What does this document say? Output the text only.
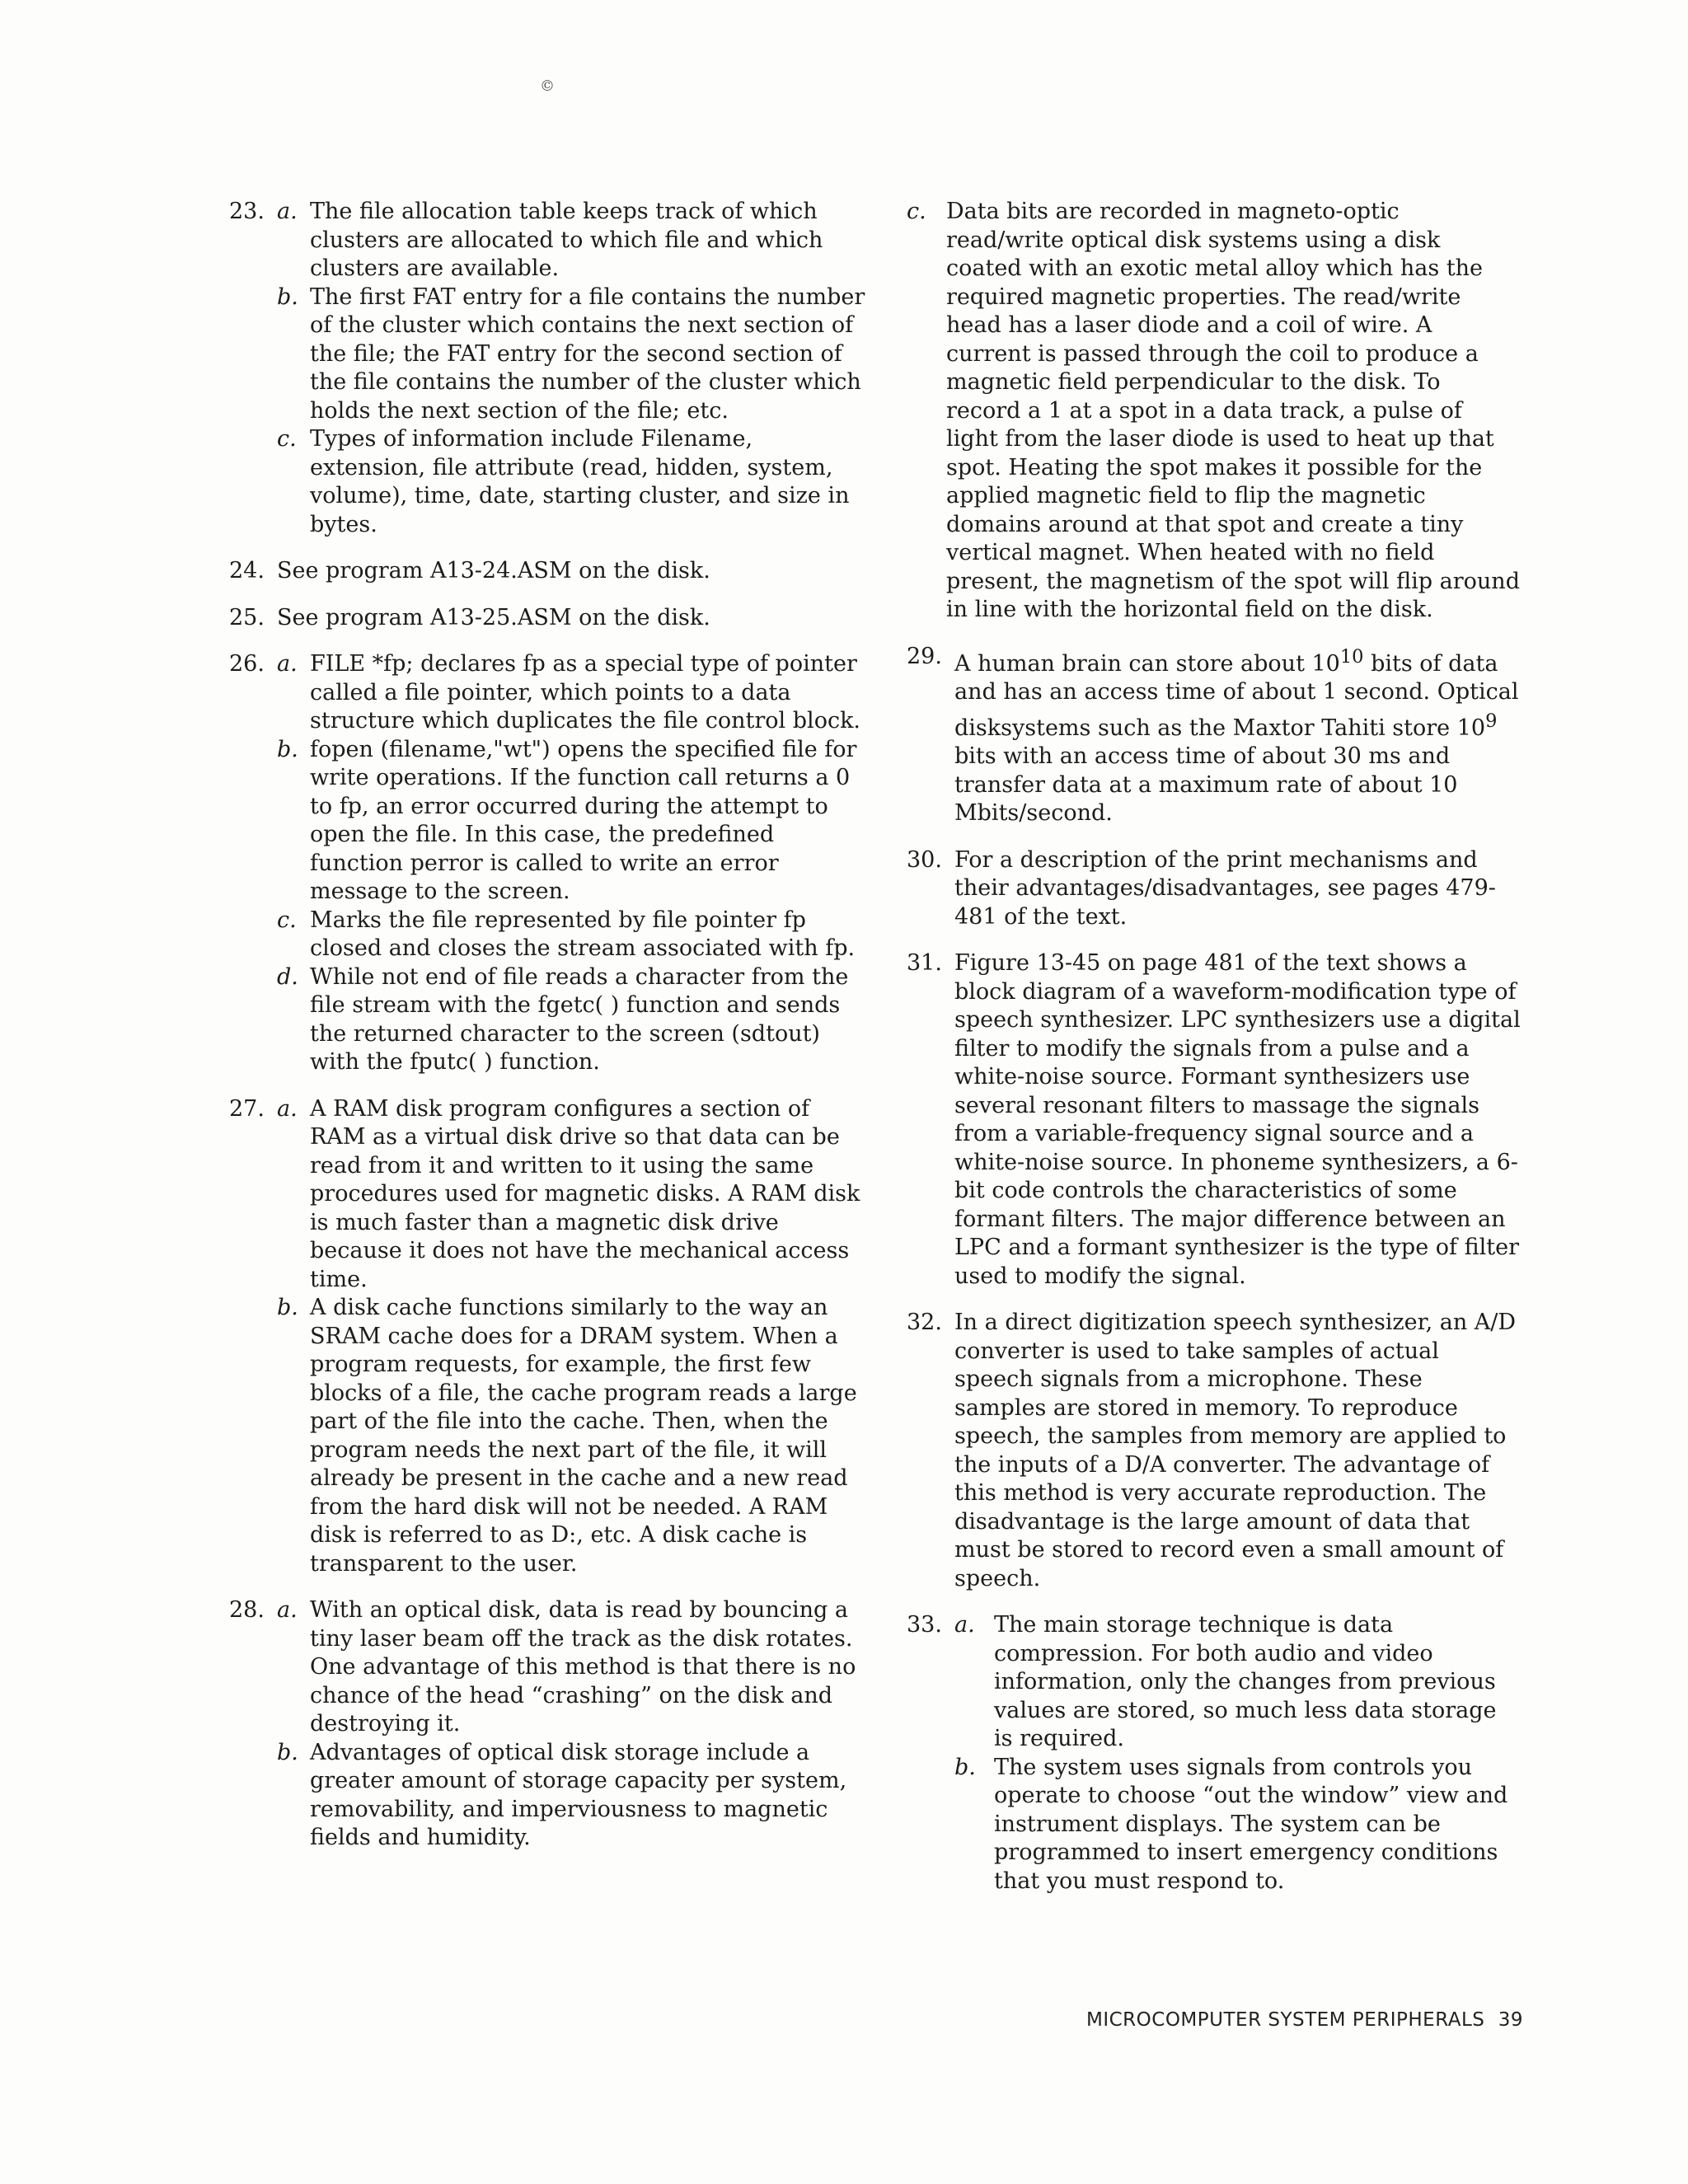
©
23. a. The file allocation table keeps track of which clusters are allocated to which file and which clusters are available.
b. The first FAT entry for a file contains the number of the cluster which contains the next section of the file; the FAT entry for the second section of the file contains the number of the cluster which holds the next section of the file; etc.
c. Types of information include Filename, extension, file attribute (read, hidden, system, volume), time, date, starting cluster, and size in bytes.
24. See program A13-24.ASM on the disk.
25. See program A13-25.ASM on the disk.
26. a. FILE *fp; declares fp as a special type of pointer called a file pointer, which points to a data structure which duplicates the file control block.
b. fopen (filename,"wt") opens the specified file for write operations. If the function call returns a 0 to fp, an error occurred during the attempt to open the file. In this case, the predefined function perror is called to write an error message to the screen.
c. Marks the file represented by file pointer fp closed and closes the stream associated with fp.
d. While not end of file reads a character from the file stream with the fgetc( ) function and sends the returned character to the screen (sdtout) with the fputc( ) function.
27. a. A RAM disk program configures a section of RAM as a virtual disk drive so that data can be read from it and written to it using the same procedures used for magnetic disks. A RAM disk is much faster than a magnetic disk drive because it does not have the mechanical access time.
b. A disk cache functions similarly to the way an SRAM cache does for a DRAM system. When a program requests, for example, the first few blocks of a file, the cache program reads a large part of the file into the cache. Then, when the program needs the next part of the file, it will already be present in the cache and a new read from the hard disk will not be needed. A RAM disk is referred to as D:, etc. A disk cache is transparent to the user.
28. a. With an optical disk, data is read by bouncing a tiny laser beam off the track as the disk rotates. One advantage of this method is that there is no chance of the head “crashing” on the disk and destroying it.
b. Advantages of optical disk storage include a greater amount of storage capacity per system, removability, and imperviousness to magnetic fields and humidity.
c. Data bits are recorded in magneto-optic read/write optical disk systems using a disk coated with an exotic metal alloy which has the required magnetic properties. The read/write head has a laser diode and a coil of wire. A current is passed through the coil to produce a magnetic field perpendicular to the disk. To record a 1 at a spot in a data track, a pulse of light from the laser diode is used to heat up that spot. Heating the spot makes it possible for the applied magnetic field to flip the magnetic domains around at that spot and create a tiny vertical magnet. When heated with no field present, the magnetism of the spot will flip around in line with the horizontal field on the disk.
29. A human brain can store about $10^{10}$ bits of data and has an access time of about 1 second. Optical disksystems such as the Maxtor Tahiti store $10^9$ bits with an access time of about 30 ms and transfer data at a maximum rate of about 10 Mbits/second.
30. For a description of the print mechanisms and their advantages/disadvantages, see pages 479-481 of the text.
31. Figure 13-45 on page 481 of the text shows a block diagram of a waveform-modification type of speech synthesizer. LPC synthesizers use a digital filter to modify the signals from a pulse and a white-noise source. Formant synthesizers use several resonant filters to massage the signals from a variable-frequency signal source and a white-noise source. In phoneme synthesizers, a 6-bit code controls the characteristics of some formant filters. The major difference between an LPC and a formant synthesizer is the type of filter used to modify the signal.
32. In a direct digitization speech synthesizer, an A/D converter is used to take samples of actual speech signals from a microphone. These samples are stored in memory. To reproduce speech, the samples from memory are applied to the inputs of a D/A converter. The advantage of this method is very accurate reproduction. The disadvantage is the large amount of data that must be stored to record even a small amount of speech.
33. a. The main storage technique is data compression. For both audio and video information, only the changes from previous values are stored, so much less data storage is required.
b. The system uses signals from controls you operate to choose “out the window” view and instrument displays. The system can be programmed to insert emergency conditions that you must respond to.
MICROCOMPUTER SYSTEM PERIPHERALS 39
